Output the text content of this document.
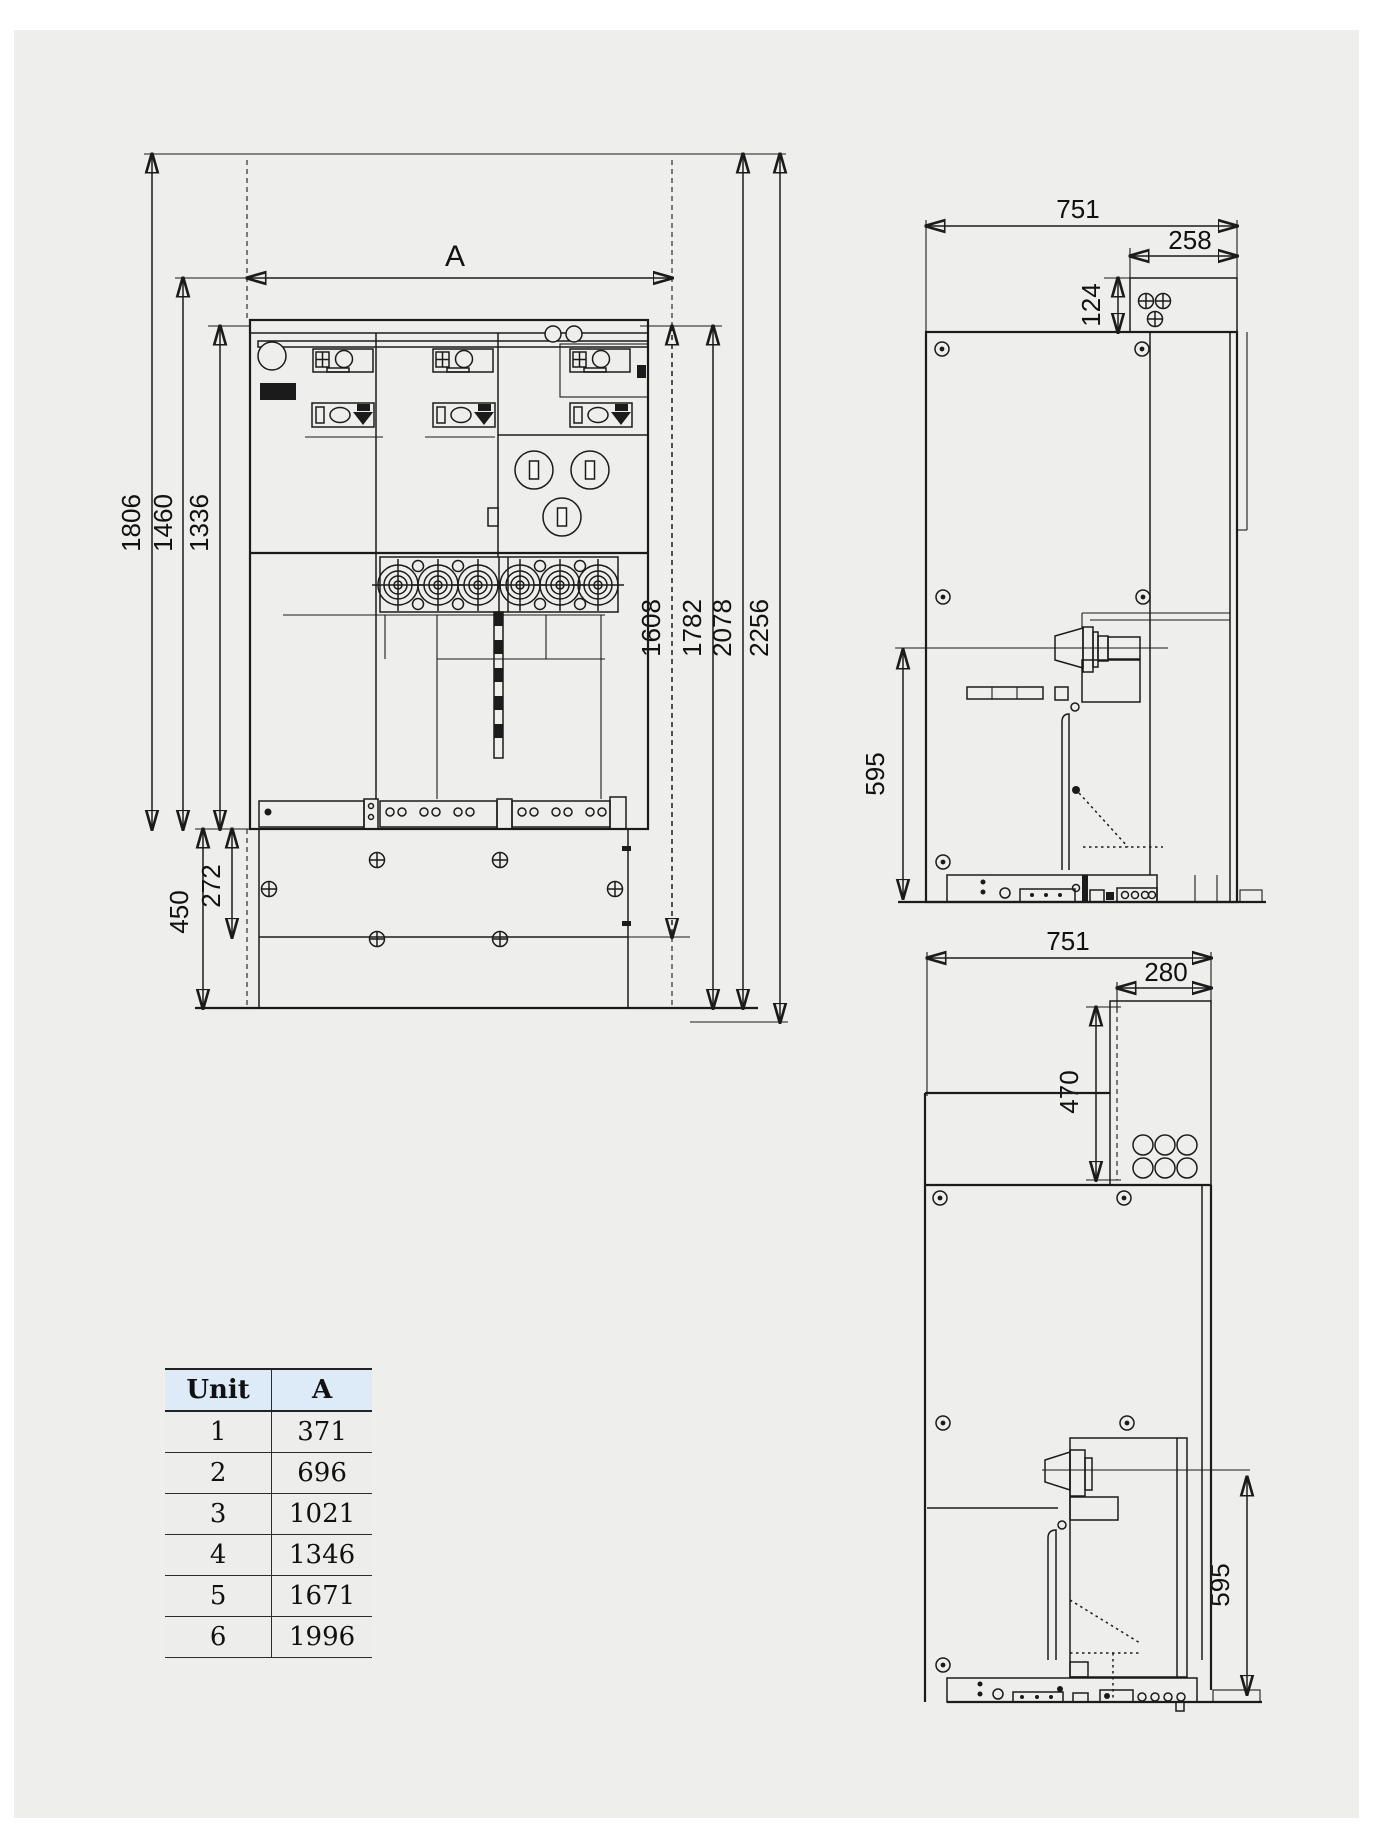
A
1806 1460 1336
1608 1782 2078 2256
450
272
751
258
124
595
751
280
470
595
Unit	A
1	371
2	696
3	1021
4	1346
5	1671
6	1996
